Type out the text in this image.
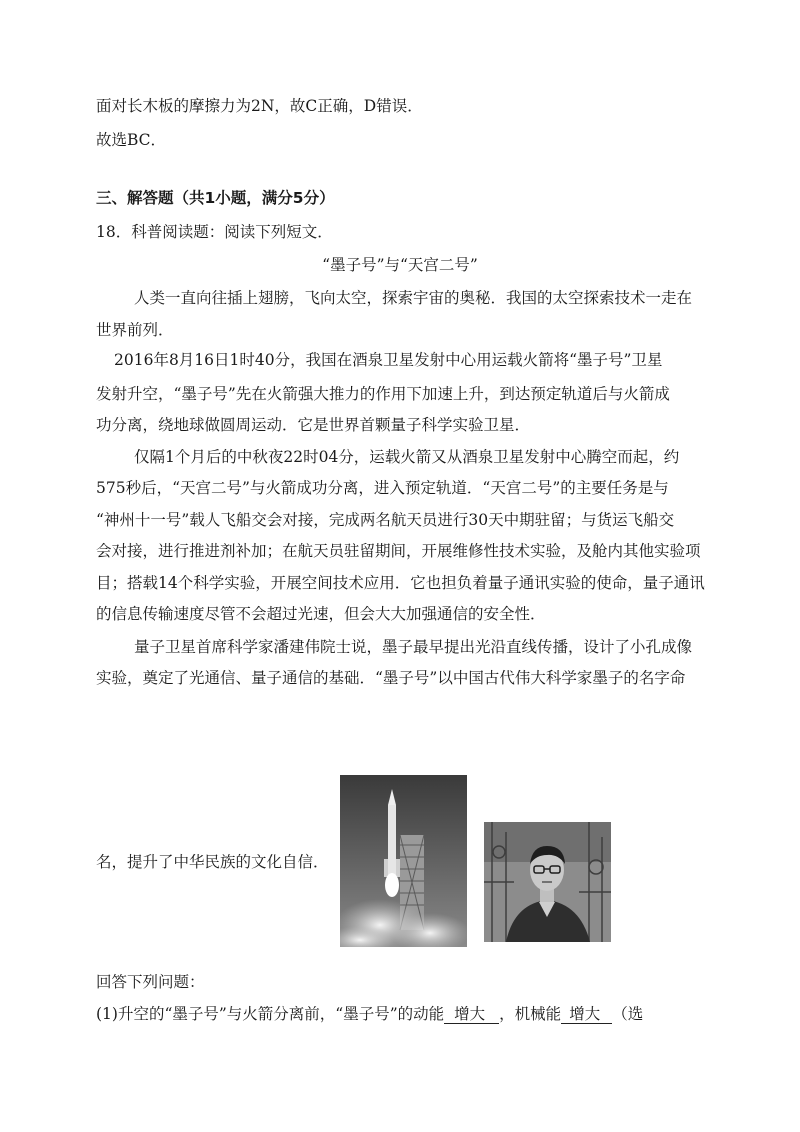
面对长木板的摩擦力为2N，故C正确，D错误．
故选BC．
三、解答题（共1小题，满分5分）
18．科普阅读题：阅读下列短文．
“墨子号”与“天宫二号”
人类一直向往插上翅膀，飞向太空，探索宇宙的奥秘．我国的太空探索技术一走在
世界前列．
2016年8月16日1时40分，我国在酒泉卫星发射中心用运载火箭将“墨子号”卫星
发射升空，“墨子号”先在火箭强大推力的作用下加速上升，到达预定轨道后与火箭成
功分离，绕地球做圆周运动．它是世界首颗量子科学实验卫星．
仅隔1个月后的中秋夜22时04分，运载火箭又从酒泉卫星发射中心腾空而起，约
575秒后，“天宫二号”与火箭成功分离，进入预定轨道．“天宫二号”的主要任务是与
“神州十一号”载人飞船交会对接，完成两名航天员进行30天中期驻留；与货运飞船交
会对接，进行推进剂补加；在航天员驻留期间，开展维修性技术实验，及舱内其他实验项
目；搭载14个科学实验，开展空间技术应用．它也担负着量子通讯实验的使命，量子通讯
的信息传输速度尽管不会超过光速，但会大大加强通信的安全性．
量子卫星首席科学家潘建伟院士说，墨子最早提出光沿直线传播，设计了小孔成像
实验，奠定了光通信、量子通信的基础．“墨子号”以中国古代伟大科学家墨子的名字命
名，提升了中华民族的文化自信．
回答下列问题：
(1)升空的“墨子号”与火箭分离前，“墨子号”的动能 增大 ，机械能 增大 （选
